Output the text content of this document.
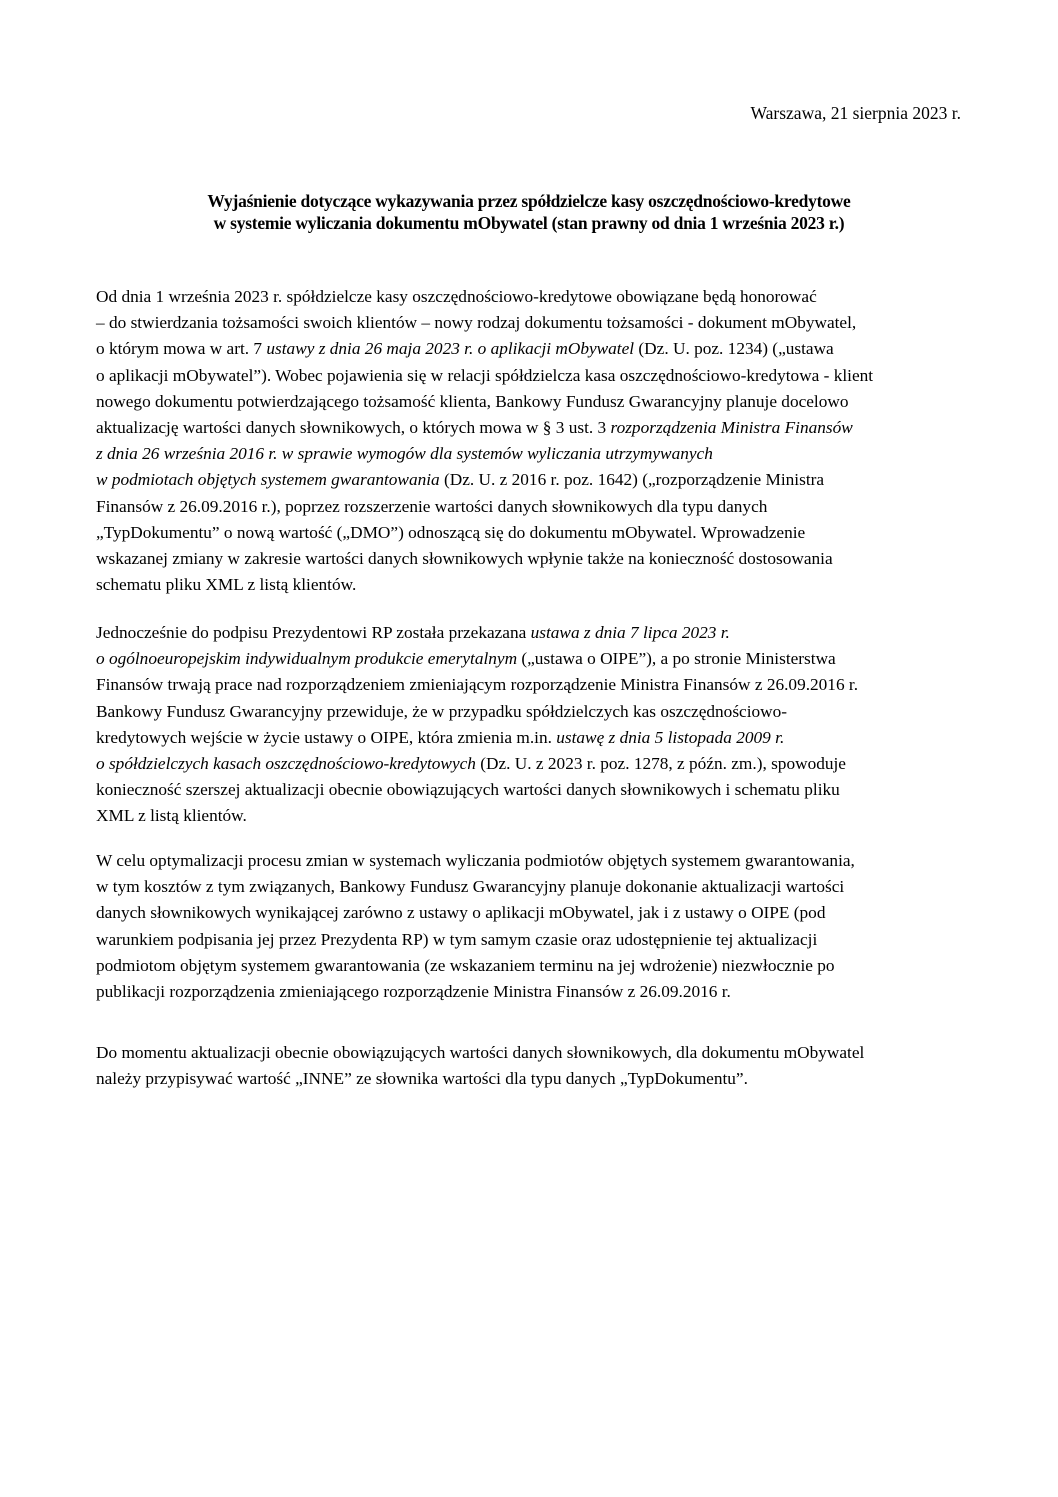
Warszawa, 21 sierpnia 2023 r.
Wyjaśnienie dotyczące wykazywania przez spółdzielcze kasy oszczędnościowo-kredytowe
w systemie wyliczania dokumentu mObywatel (stan prawny od dnia 1 września 2023 r.)
Od dnia 1 września 2023 r. spółdzielcze kasy oszczędnościowo-kredytowe obowiązane będą honorować
– do stwierdzania tożsamości swoich klientów – nowy rodzaj dokumentu tożsamości - dokument mObywatel,
o którym mowa w art. 7 ustawy z dnia 26 maja 2023 r. o aplikacji mObywatel (Dz. U. poz. 1234) („ustawa
o aplikacji mObywatel”). Wobec pojawienia się w relacji spółdzielcza kasa oszczędnościowo-kredytowa - klient
nowego dokumentu potwierdzającego tożsamość klienta, Bankowy Fundusz Gwarancyjny planuje docelowo
aktualizację wartości danych słownikowych, o których mowa w § 3 ust. 3 rozporządzenia Ministra Finansów
z dnia 26 września 2016 r. w sprawie wymogów dla systemów wyliczania utrzymywanych
w podmiotach objętych systemem gwarantowania (Dz. U. z 2016 r. poz. 1642) („rozporządzenie Ministra
Finansów z 26.09.2016 r.), poprzez rozszerzenie wartości danych słownikowych dla typu danych
„TypDokumentu” o nową wartość („DMO”) odnoszącą się do dokumentu mObywatel. Wprowadzenie
wskazanej zmiany w zakresie wartości danych słownikowych wpłynie także na konieczność dostosowania
schematu pliku XML z listą klientów.
Jednocześnie do podpisu Prezydentowi RP została przekazana ustawa z dnia 7 lipca 2023 r.
o ogólnoeuropejskim indywidualnym produkcie emerytalnym („ustawa o OIPE”), a po stronie Ministerstwa
Finansów trwają prace nad rozporządzeniem zmieniającym rozporządzenie Ministra Finansów z 26.09.2016 r.
Bankowy Fundusz Gwarancyjny przewiduje, że w przypadku spółdzielczych kas oszczędnościowo-
kredytowych wejście w życie ustawy o OIPE, która zmienia m.in. ustawę z dnia 5 listopada 2009 r.
o spółdzielczych kasach oszczędnościowo-kredytowych (Dz. U. z 2023 r. poz. 1278, z późn. zm.), spowoduje
konieczność szerszej aktualizacji obecnie obowiązujących wartości danych słownikowych i schematu pliku
XML z listą klientów.
W celu optymalizacji procesu zmian w systemach wyliczania podmiotów objętych systemem gwarantowania,
w tym kosztów z tym związanych, Bankowy Fundusz Gwarancyjny planuje dokonanie aktualizacji wartości
danych słownikowych wynikającej zarówno z ustawy o aplikacji mObywatel, jak i z ustawy o OIPE (pod
warunkiem podpisania jej przez Prezydenta RP) w tym samym czasie oraz udostępnienie tej aktualizacji
podmiotom objętym systemem gwarantowania (ze wskazaniem terminu na jej wdrożenie) niezwłocznie po
publikacji rozporządzenia zmieniającego rozporządzenie Ministra Finansów z 26.09.2016 r.
Do momentu aktualizacji obecnie obowiązujących wartości danych słownikowych, dla dokumentu mObywatel
należy przypisywać wartość „INNE” ze słownika wartości dla typu danych „TypDokumentu”.
